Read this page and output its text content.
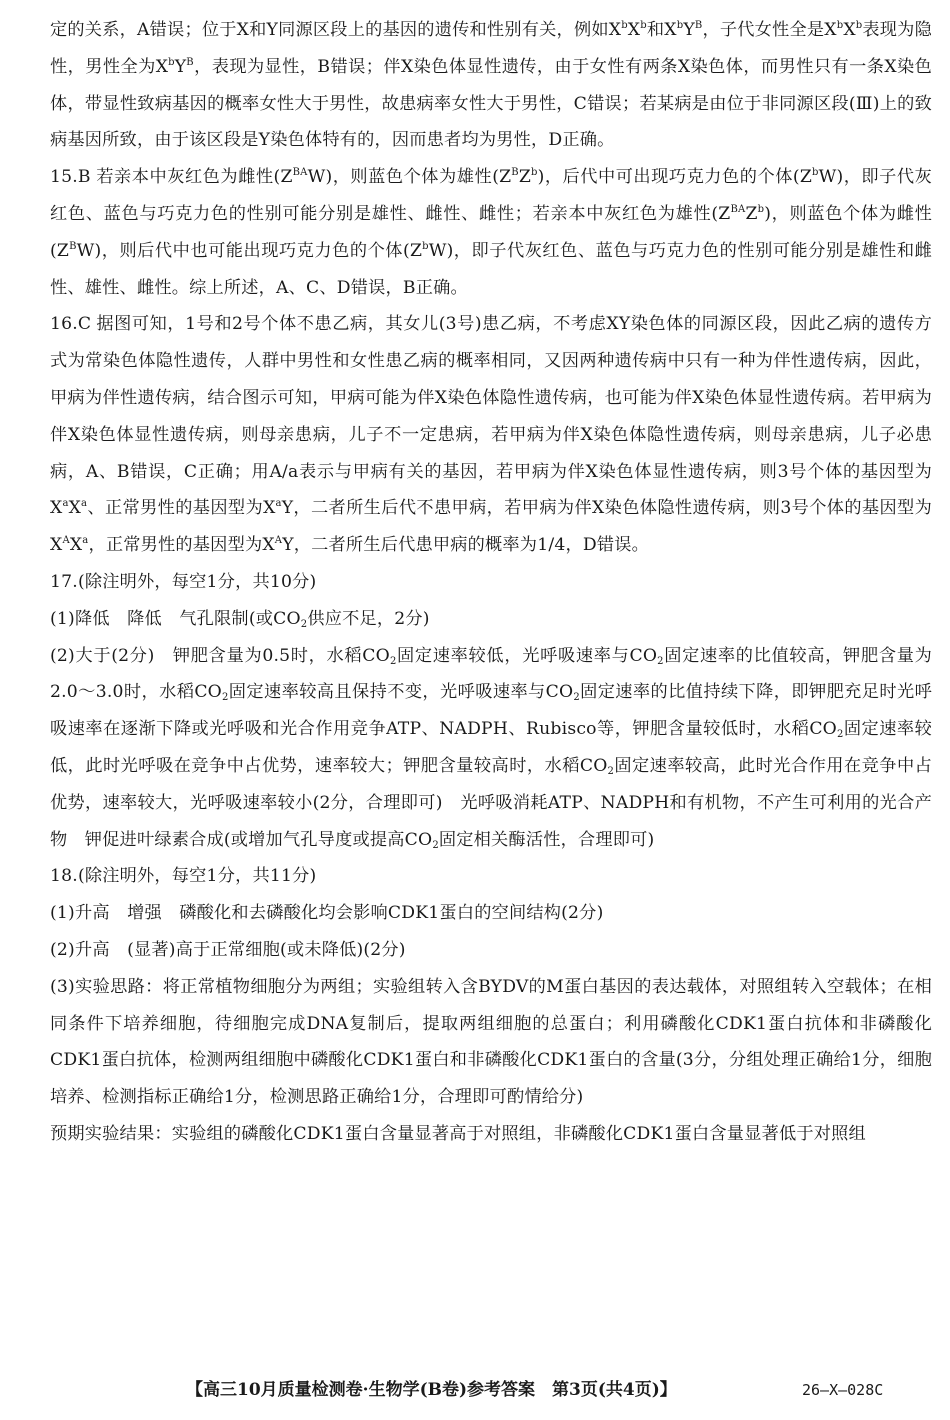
定的关系，A错误；位于X和Y同源区段上的基因的遗传和性别有关，例如$X^bX^b$和$X^bY^B$，子代女性全是$X^bX^b$表现为隐性，男性全为$X^bY^B$，表现为显性，B错误；伴X染色体显性遗传，由于女性有两条X染色体，而男性只有一条X染色体，带显性致病基因的概率女性大于男性，故患病率女性大于男性，C错误；若某病是由位于非同源区段(Ⅲ)上的致病基因所致，由于该区段是Y染色体特有的，因而患者均为男性，D正确。

15.B 若亲本中灰红色为雌性$(Z^{BA}W)$，则蓝色个体为雄性$(Z^BZ^b)$，后代中可出现巧克力色的个体$(Z^bW)$，即子代灰红色、蓝色与巧克力色的性别可能分别是雄性、雌性、雌性；若亲本中灰红色为雄性$(Z^{BA}Z^b)$，则蓝色个体为雌性$(Z^BW)$，则后代中也可能出现巧克力色的个体$(Z^bW)$，即子代灰红色、蓝色与巧克力色的性别可能分别是雄性和雌性、雄性、雌性。综上所述，A、C、D错误，B正确。

16.C 据图可知，1号和2号个体不患乙病，其女儿(3号)患乙病，不考虑XY染色体的同源区段，因此乙病的遗传方式为常染色体隐性遗传，人群中男性和女性患乙病的概率相同，又因两种遗传病中只有一种为伴性遗传病，因此，甲病为伴性遗传病，结合图示可知，甲病可能为伴X染色体隐性遗传病，也可能为伴X染色体显性遗传病。若甲病为伴X染色体显性遗传病，则母亲患病，儿子不一定患病，若甲病为伴X染色体隐性遗传病，则母亲患病，儿子必患病，A、B错误，C正确；用A/a表示与甲病有关的基因，若甲病为伴X染色体显性遗传病，则3号个体的基因型为$X^aX^a$、正常男性的基因型为$X^aY$，二者所生后代不患甲病，若甲病为伴X染色体隐性遗传病，则3号个体的基因型为$X^AX^a$，正常男性的基因型为$X^AY$，二者所生后代患甲病的概率为1/4，D错误。

17.(除注明外，每空1分，共10分)

(1)降低　降低　气孔限制(或$CO_2$供应不足，2分)

(2)大于(2分)　钾肥含量为0.5时，水稻$CO_2$固定速率较低，光呼吸速率与$CO_2$固定速率的比值较高，钾肥含量为2.0～3.0时，水稻$CO_2$固定速率较高且保持不变，光呼吸速率与$CO_2$固定速率的比值持续下降，即钾肥充足时光呼吸速率在逐渐下降或光呼吸和光合作用竞争ATP、NADPH、Rubisco等，钾肥含量较低时，水稻$CO_2$固定速率较低，此时光呼吸在竞争中占优势，速率较大；钾肥含量较高时，水稻$CO_2$固定速率较高，此时光合作用在竞争中占优势，速率较大，光呼吸速率较小(2分，合理即可)　光呼吸消耗ATP、NADPH和有机物，不产生可利用的光合产物　钾促进叶绿素合成(或增加气孔导度或提高$CO_2$固定相关酶活性，合理即可)

18.(除注明外，每空1分，共11分)

(1)升高　增强　磷酸化和去磷酸化均会影响CDK1蛋白的空间结构(2分)

(2)升高　(显著)高于正常细胞(或未降低)(2分)

(3)实验思路：将正常植物细胞分为两组；实验组转入含BYDV的M蛋白基因的表达载体，对照组转入空载体；在相同条件下培养细胞，待细胞完成DNA复制后，提取两组细胞的总蛋白；利用磷酸化CDK1蛋白抗体和非磷酸化CDK1蛋白抗体，检测两组细胞中磷酸化CDK1蛋白和非磷酸化CDK1蛋白的含量(3分，分组处理正确给1分，细胞培养、检测指标正确给1分，检测思路正确给1分，合理即可酌情给分)

预期实验结果：实验组的磷酸化CDK1蛋白含量显著高于对照组，非磷酸化CDK1蛋白含量显著低于对照组

【高三10月质量检测卷·生物学(B卷)参考答案　第3页(共4页)】	26—X—028C
